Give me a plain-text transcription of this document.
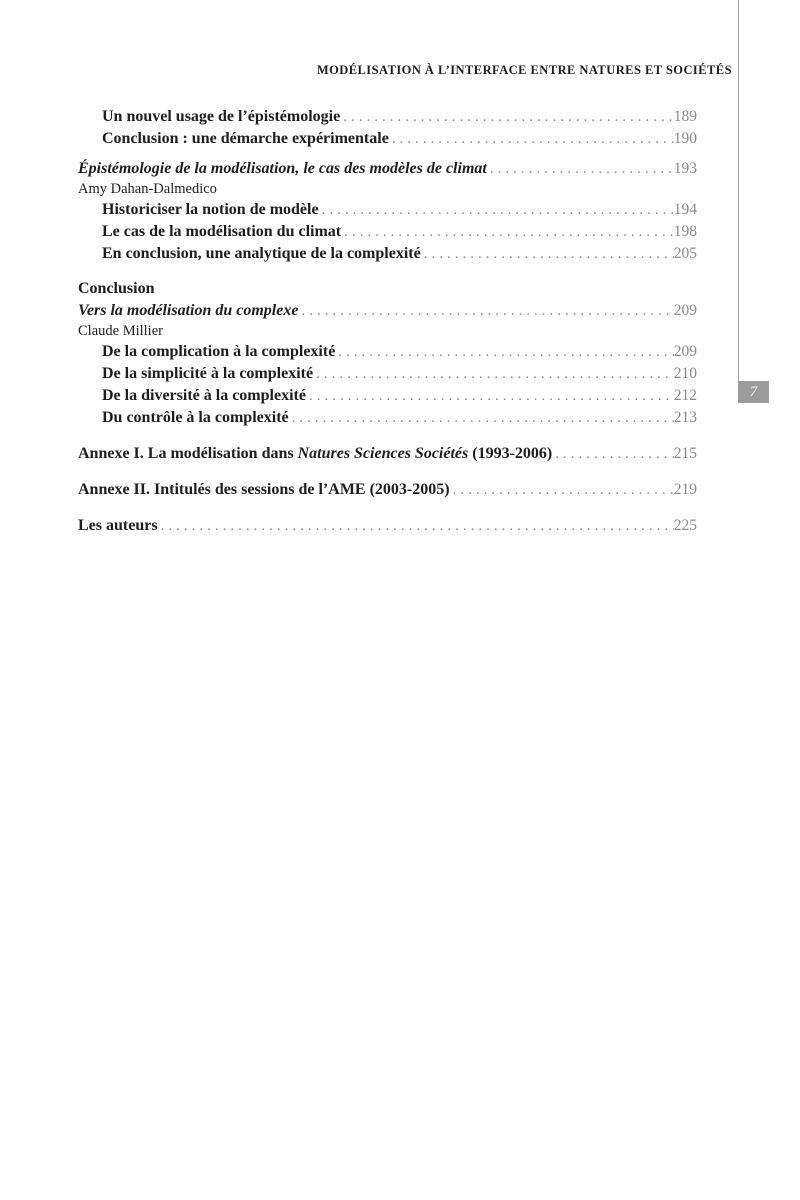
MODÉLISATION À L’INTERFACE ENTRE NATURES ET SOCIÉTÉS
7
Un nouvel usage de l’épistémologie .....	189
Conclusion : une démarche expérimentale .....	190
Épistémologie de la modélisation, le cas des modèles de climat .....	193
Amy Dahan-Dalmedico
Historiciser la notion de modèle .....	194
Le cas de la modélisation du climat .....	198
En conclusion, une analytique de la complexité .....	205
Conclusion
Vers la modélisation du complexe .....	209
Claude Millier
De la complication à la complexité .....	209
De la simplicité à la complexité .....	210
De la diversité à la complexité .....	212
Du contrôle à la complexité .....	213
Annexe I. La modélisation dans Natures Sciences Sociétés (1993-2006) .....	215
Annexe II. Intitulés des sessions de l’AME (2003-2005) .....	219
Les auteurs .....	225
